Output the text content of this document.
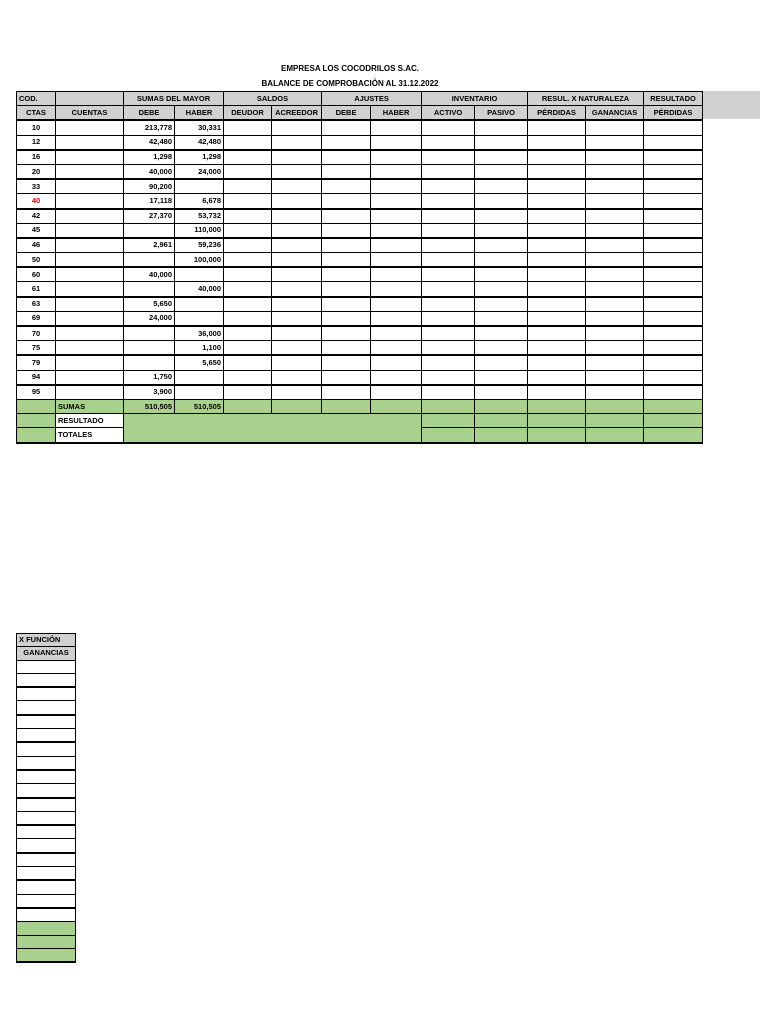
EMPRESA LOS COCODRILOS S.AC.
BALANCE DE COMPROBACIÓN AL 31.12.2022
COD.		SUMAS DEL MAYOR		SALDOS		AJUSTES		INVENTARIO		RESUL. X NATURALEZA		RESULTADO
CTAS	CUENTAS	DEBE	HABER	DEUDOR	ACREEDOR	DEBE	HABER	ACTIVO	PASIVO	PÉRDIDAS	GANANCIAS	PÉRDIDAS
10		213,778	30,331									
12		42,480	42,480									
16		1,298	1,298									
20		40,000	24,000									
33		90,200										
40		17,118	6,678									
42		27,370	53,732									
45			110,000									
46		2,961	59,236									
50			100,000									
60		40,000										
61			40,000									
63		5,650										
69		24,000										
70			36,000									
75			1,100									
79			5,650									
94		1,750										
95		3,900										
	SUMAS	510,505	510,505									
	RESULTADO											
	TOTALES											
X FUNCIÓN
GANANCIAS
